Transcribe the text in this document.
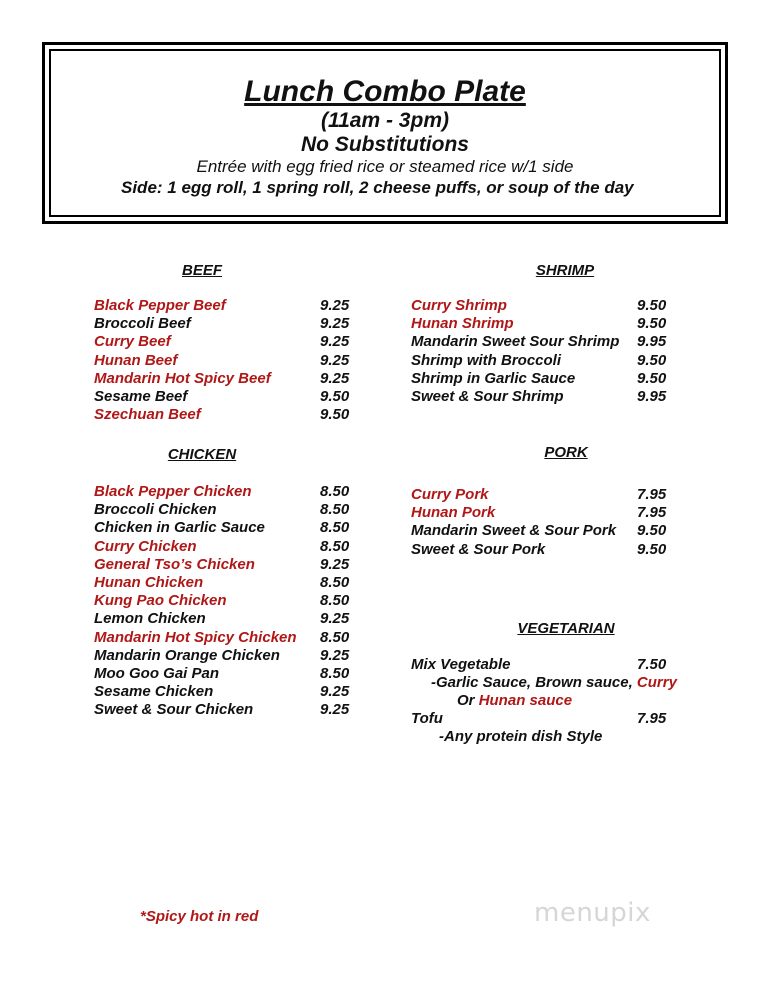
Lunch Combo Plate
(11am - 3pm)
No Substitutions
Entrée with egg fried rice or steamed rice w/1 side
Side: 1 egg roll, 1 spring roll, 2 cheese puffs, or soup of the day
BEEF
CHICKEN
SHRIMP
PORK
VEGETARIAN
Black Pepper Beef	9.25
Broccoli Beef	9.25
Curry Beef	9.25
Hunan Beef	9.25
Mandarin Hot Spicy Beef	9.25
Sesame Beef	9.50
Szechuan Beef	9.50
Black Pepper Chicken	8.50
Broccoli Chicken	8.50
Chicken in Garlic Sauce	8.50
Curry Chicken	8.50
General Tso’s Chicken	9.25
Hunan Chicken	8.50
Kung Pao Chicken	8.50
Lemon Chicken	9.25
Mandarin Hot Spicy Chicken 8.50
Mandarin Orange Chicken	9.25
Moo Goo Gai Pan	8.50
Sesame Chicken	9.25
Sweet & Sour Chicken	9.25
Curry Shrimp	9.50
Hunan Shrimp	9.50
Mandarin Sweet Sour Shrimp 9.95
Shrimp with Broccoli	9.50
Shrimp in Garlic Sauce	9.50
Sweet & Sour Shrimp	9.95
Curry Pork	7.95
Hunan Pork	7.95
Mandarin Sweet & Sour Pork 9.50
Sweet & Sour Pork	9.50
Mix Vegetable	7.50
-Garlic Sauce, Brown sauce, Curry
Or Hunan sauce
Tofu	7.95
-Any protein dish Style
*Spicy hot in red	menupix
